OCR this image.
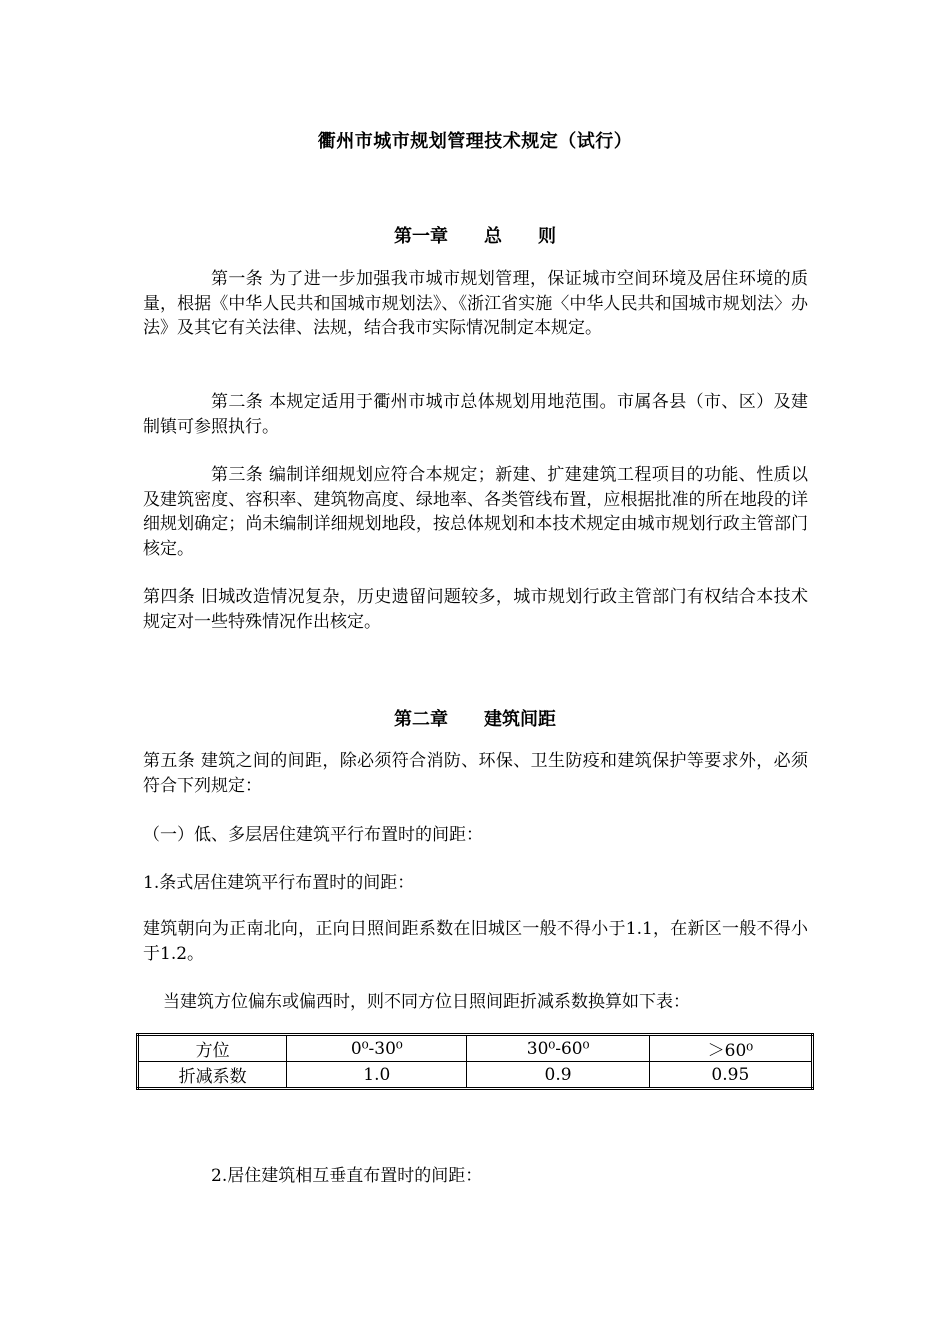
衢州市城市规划管理技术规定（试行）
第一章 总　　则

第一条 为了进一步加强我市城市规划管理，保证城市空间环境及居住环境的质量，根据《中华人民共和国城市规划法》、《浙江省实施〈中华人民共和国城市规划法〉办法》及其它有关法律、法规，结合我市实际情况制定本规定。

第二条 本规定适用于衢州市城市总体规划用地范围。市属各县（市、区）及建制镇可参照执行。

第三条 编制详细规划应符合本规定；新建、扩建建筑工程项目的功能、性质以及建筑密度、容积率、建筑物高度、绿地率、各类管线布置，应根据批准的所在地段的详细规划确定；尚未编制详细规划地段，按总体规划和本技术规定由城市规划行政主管部门核定。

第四条 旧城改造情况复杂，历史遗留问题较多，城市规划行政主管部门有权结合本技术规定对一些特殊情况作出核定。

第二章 建筑间距

第五条 建筑之间的间距，除必须符合消防、环保、卫生防疫和建筑保护等要求外，必须符合下列规定：

（一）低、多层居住建筑平行布置时的间距：

1.条式居住建筑平行布置时的间距：

建筑朝向为正南北向，正向日照间距系数在旧城区一般不得小于1.1，在新区一般不得小于1.2。

当建筑方位偏东或偏西时，则不同方位日照间距折减系数换算如下表：

方位	0⁰-30⁰	30⁰-60⁰	＞60⁰
折减系数	1.0	0.9	0.95

2.居住建筑相互垂直布置时的间距：
